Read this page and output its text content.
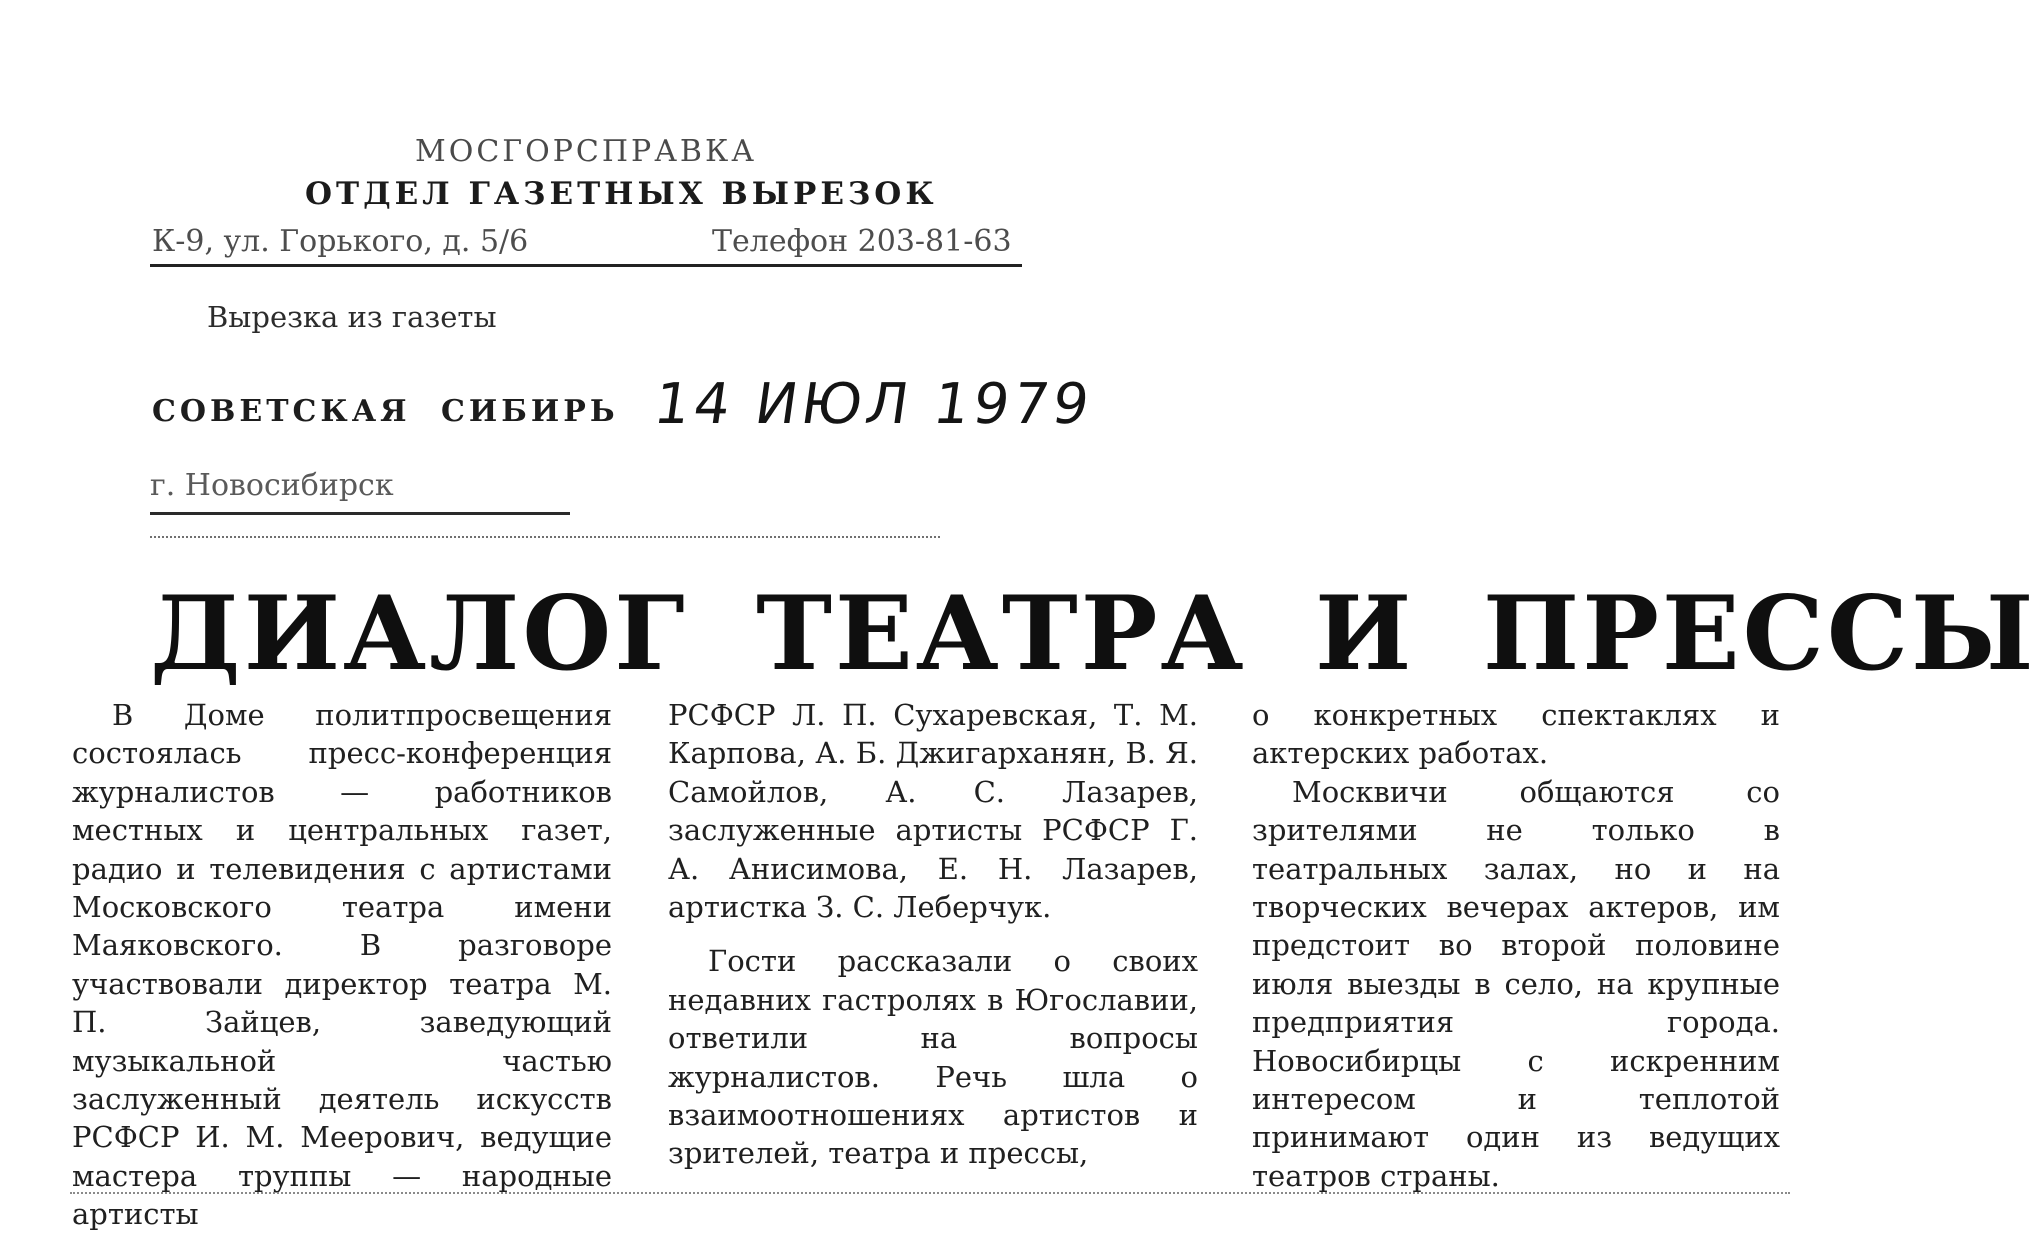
МОСГОРСПРАВКА
ОТДЕЛ ГАЗЕТНЫХ ВЫРЕЗОК
К-9, ул. Горького, д. 5/6	Телефон 203-81-63
Вырезка из газеты
СОВЕТСКАЯ СИБИРЬ 14 ИЮЛ 1979
г. Новосибирск
ДИАЛОГ ТЕАТРА И ПРЕССЫ

В Доме политпросвещения состоялась пресс-конференция журналистов — работников местных и центральных газет, радио и телевидения с артистами Московского театра имени Маяковского. В разговоре участвовали директор театра М. П. Зайцев, заведующий музыкальной частью заслуженный деятель искусств РСФСР И. М. Меерович, ведущие мастера труппы — народные артисты

РСФСР Л. П. Сухаревская, Т. М. Карпова, А. Б. Джигарханян, В. Я. Самойлов, А. С. Лазарев, заслуженные артисты РСФСР Г. А. Анисимова, Е. Н. Лазарев, артистка З. С. Леберчук.

Гости рассказали о своих недавних гастролях в Югославии, ответили на вопросы журналистов. Речь шла о взаимоотношениях артистов и зрителей, театра и прессы,

о конкретных спектаклях и актерских работах.

Москвичи общаются со зрителями не только в театральных залах, но и на творческих вечерах актеров, им предстоит во второй половине июля выезды в село, на крупные предприятия города. Новосибирцы с искренним интересом и теплотой принимают один из ведущих театров страны.
